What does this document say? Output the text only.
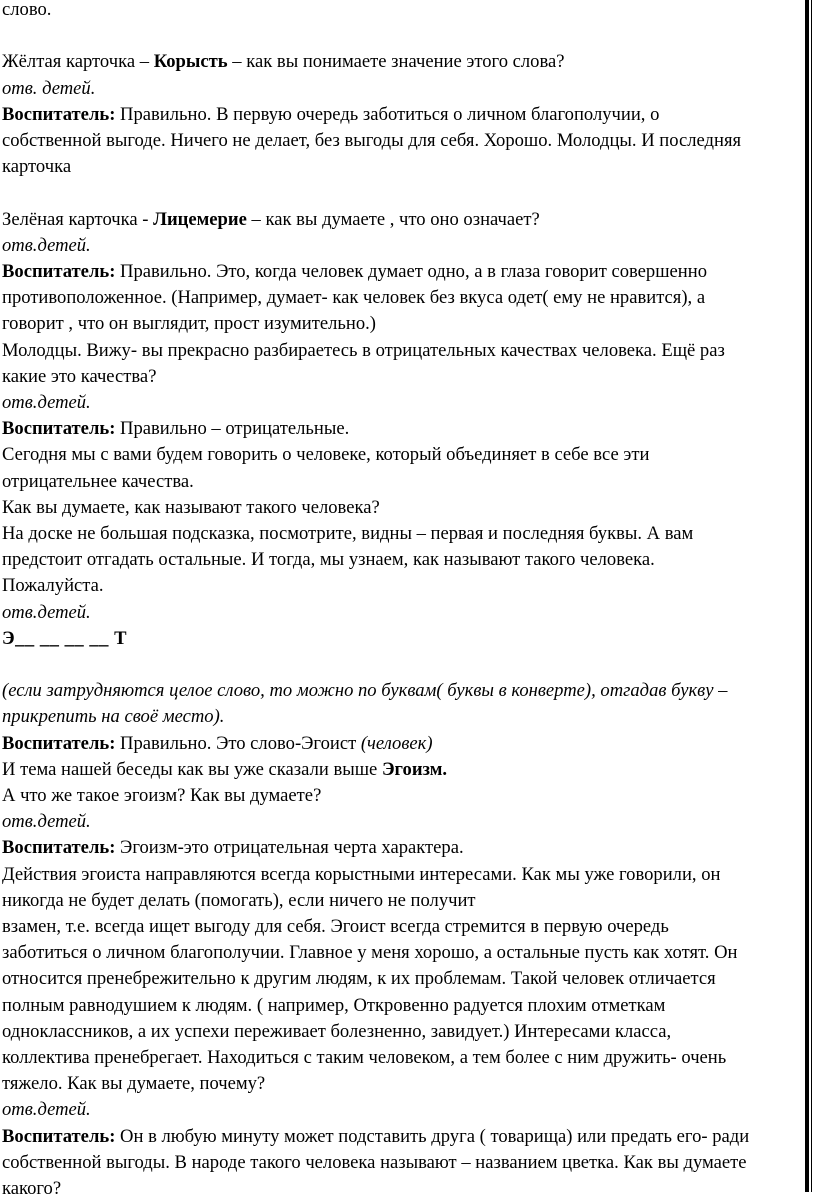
слово.

Жёлтая карточка – Корысть – как вы понимаете значение этого слова?

отв. детей.

Воспитатель: Правильно. В первую очередь заботиться о личном благополучии, о

собственной выгоде. Ничего не делает, без выгоды для себя. Хорошо. Молодцы. И последняя

карточка

Зелёная карточка - Лицемерие – как вы думаете , что оно означает?

отв.детей.

Воспитатель: Правильно. Это, когда человек думает одно, а в глаза говорит совершенно

противоположенное. (Например, думает- как человек без вкуса одет( ему не нравится), а

говорит , что он выглядит, прост изумительно.)

Молодцы. Вижу- вы прекрасно разбираетесь в отрицательных качествах человека. Ещё раз

какие это качества?

отв.детей.

Воспитатель: Правильно – отрицательные.

Сегодня мы с вами будем говорить о человеке, который объединяет в себе все эти

отрицательнее качества.

Как вы думаете, как называют такого человека?

На доске не большая подсказка, посмотрите, видны – первая и последняя буквы. А вам

предстоит отгадать остальные. И тогда, мы узнаем, как называют такого человека.

Пожалуйста.

отв.детей.

Э__ __ __ __ Т

(если затрудняются целое слово, то можно по буквам( буквы в конверте), отгадав букву –

прикрепить на своё место).

Воспитатель: Правильно. Это слово-Эгоист (человек)

И тема нашей беседы как вы уже сказали выше Эгоизм.

А что же такое эгоизм? Как вы думаете?

отв.детей.

Воспитатель: Эгоизм-это отрицательная черта характера.

Действия эгоиста направляются всегда корыстными интересами. Как мы уже говорили, он

никогда не будет делать (помогать), если ничего не получит

взамен, т.е. всегда ищет выгоду для себя. Эгоист всегда стремится в первую очередь

заботиться о личном благополучии. Главное у меня хорошо, а остальные пусть как хотят. Он

относится пренебрежительно к другим людям, к их проблемам. Такой человек отличается

полным равнодушием к людям. ( например, Откровенно радуется плохим отметкам

одноклассников, а их успехи переживает болезненно, завидует.) Интересами класса,

коллектива пренебрегает. Находиться с таким человеком, а тем более с ним дружить- очень

тяжело. Как вы думаете, почему?

отв.детей.

Воспитатель: Он в любую минуту может подставить друга ( товарища) или предать его- ради

собственной выгоды. В народе такого человека называют – названием цветка. Как вы думаете

какого?
